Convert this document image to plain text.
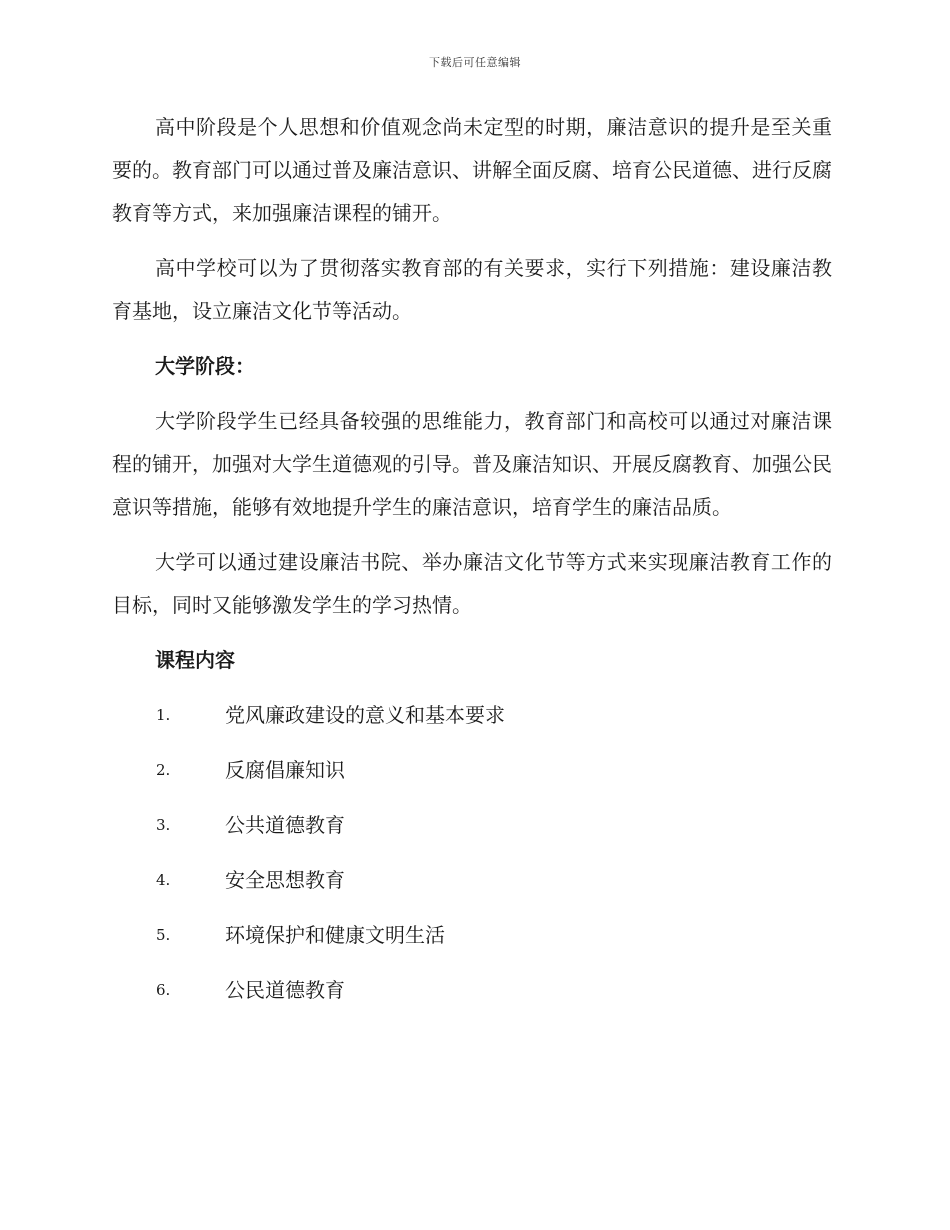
下载后可任意编辑

高中阶段是个人思想和价值观念尚未定型的时期，廉洁意识的提升是至关重要的。教育部门可以通过普及廉洁意识、讲解全面反腐、培育公民道德、进行反腐教育等方式，来加强廉洁课程的铺开。

高中学校可以为了贯彻落实教育部的有关要求，实行下列措施：建设廉洁教育基地，设立廉洁文化节等活动。

大学阶段：

大学阶段学生已经具备较强的思维能力，教育部门和高校可以通过对廉洁课程的铺开，加强对大学生道德观的引导。普及廉洁知识、开展反腐教育、加强公民意识等措施，能够有效地提升学生的廉洁意识，培育学生的廉洁品质。

大学可以通过建设廉洁书院、举办廉洁文化节等方式来实现廉洁教育工作的目标，同时又能够激发学生的学习热情。

课程内容
1.	党风廉政建设的意义和基本要求
2.	反腐倡廉知识
3.	公共道德教育
4.	安全思想教育
5.	环境保护和健康文明生活
6.	公民道德教育
